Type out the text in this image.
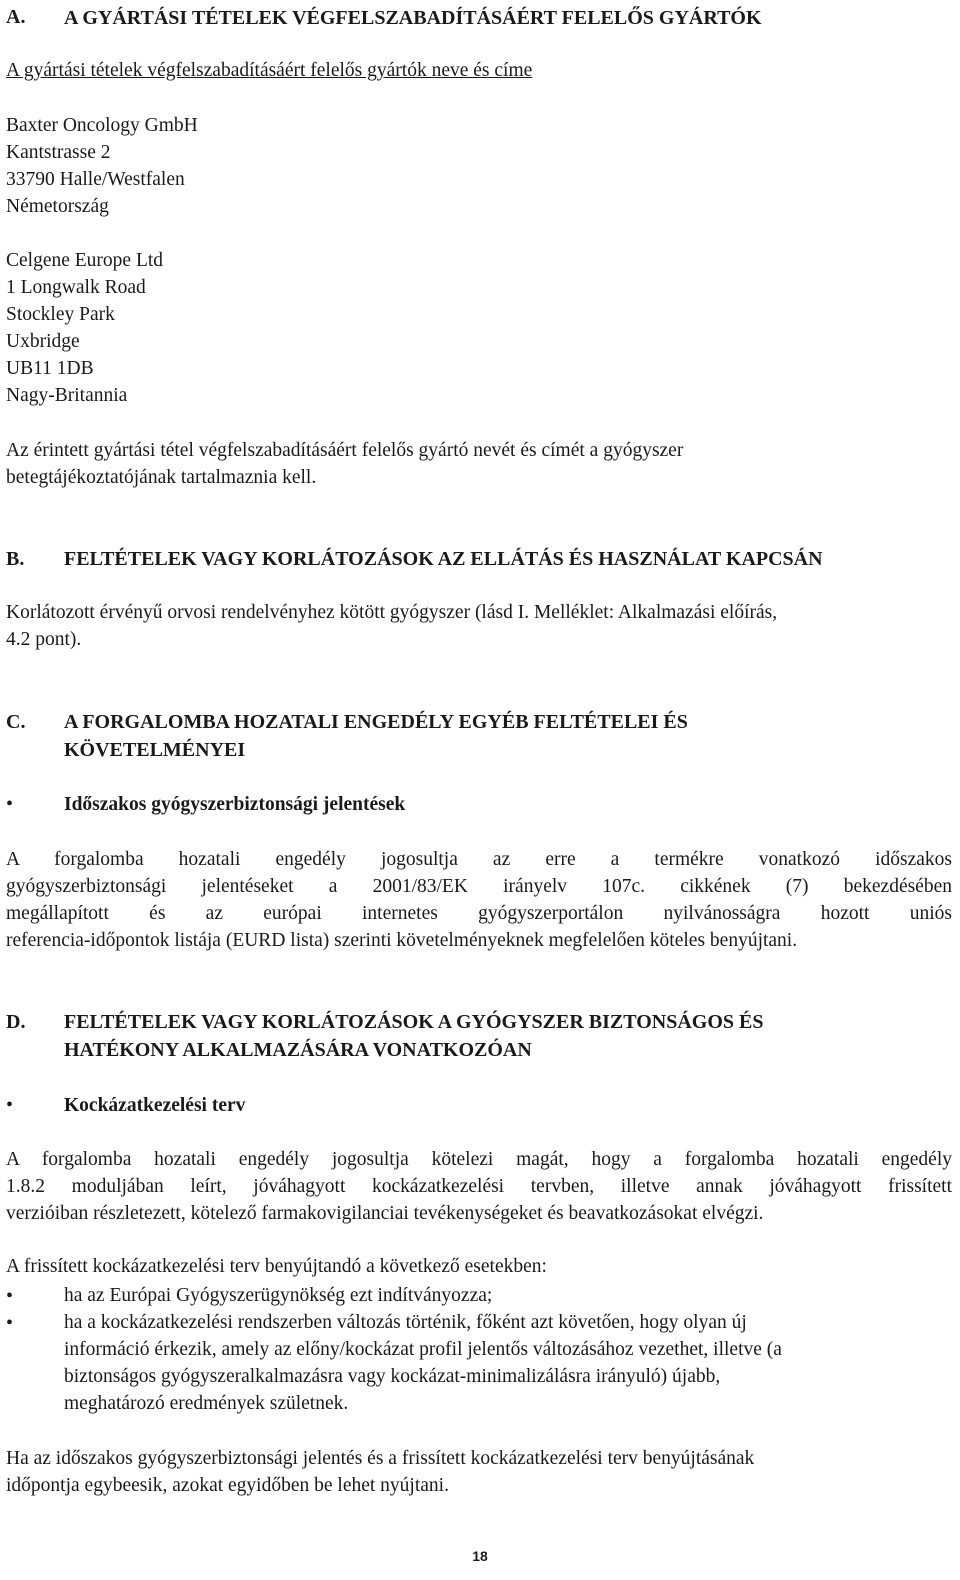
A. A GYÁRTÁSI TÉTELEK VÉGFELSZABADÍTÁSÁÉRT FELELŐS GYÁRTÓK
A gyártási tételek végfelszabadításáért felelős gyártók neve és címe
Baxter Oncology GmbH
Kantstrasse 2
33790 Halle/Westfalen
Németország
Celgene Europe Ltd
1 Longwalk Road
Stockley Park
Uxbridge
UB11 1DB
Nagy-Britannia
Az érintett gyártási tétel végfelszabadításáért felelős gyártó nevét és címét a gyógyszer
betegtájékoztatójának tartalmaznia kell.
B. FELTÉTELEK VAGY KORLÁTOZÁSOK AZ ELLÁTÁS ÉS HASZNÁLAT KAPCSÁN
Korlátozott érvényű orvosi rendelvényhez kötött gyógyszer (lásd I. Melléklet: Alkalmazási előírás,
4.2 pont).
C. A FORGALOMBA HOZATALI ENGEDÉLY EGYÉB FELTÉTELEI ÉS
KÖVETELMÉNYEI
•	Időszakos gyógyszerbiztonsági jelentések
A forgalomba hozatali engedély jogosultja az erre a termékre vonatkozó időszakos
gyógyszerbiztonsági jelentéseket a 2001/83/EK irányelv 107c. cikkének (7) bekezdésében
megállapított és az európai internetes gyógyszerportálon nyilvánosságra hozott uniós
referencia-időpontok listája (EURD lista) szerinti követelményeknek megfelelően köteles benyújtani.
D. FELTÉTELEK VAGY KORLÁTOZÁSOK A GYÓGYSZER BIZTONSÁGOS ÉS
HATÉKONY ALKALMAZÁSÁRA VONATKOZÓAN
•	Kockázatkezelési terv
A forgalomba hozatali engedély jogosultja kötelezi magát, hogy a forgalomba hozatali engedély
1.8.2 moduljában leírt, jóváhagyott kockázatkezelési tervben, illetve annak jóváhagyott frissített
verzióiban részletezett, kötelező farmakovigilanciai tevékenységeket és beavatkozásokat elvégzi.
A frissített kockázatkezelési terv benyújtandó a következő esetekben:
•	ha az Európai Gyógyszerügynökség ezt indítványozza;
•	ha a kockázatkezelési rendszerben változás történik, főként azt követően, hogy olyan új
információ érkezik, amely az előny/kockázat profil jelentős változásához vezethet, illetve (a
biztonságos gyógyszeralkalmazásra vagy kockázat-minimalizálásra irányuló) újabb,
meghatározó eredmények születnek.
Ha az időszakos gyógyszerbiztonsági jelentés és a frissített kockázatkezelési terv benyújtásának
időpontja egybeesik, azokat egyidőben be lehet nyújtani.
18
